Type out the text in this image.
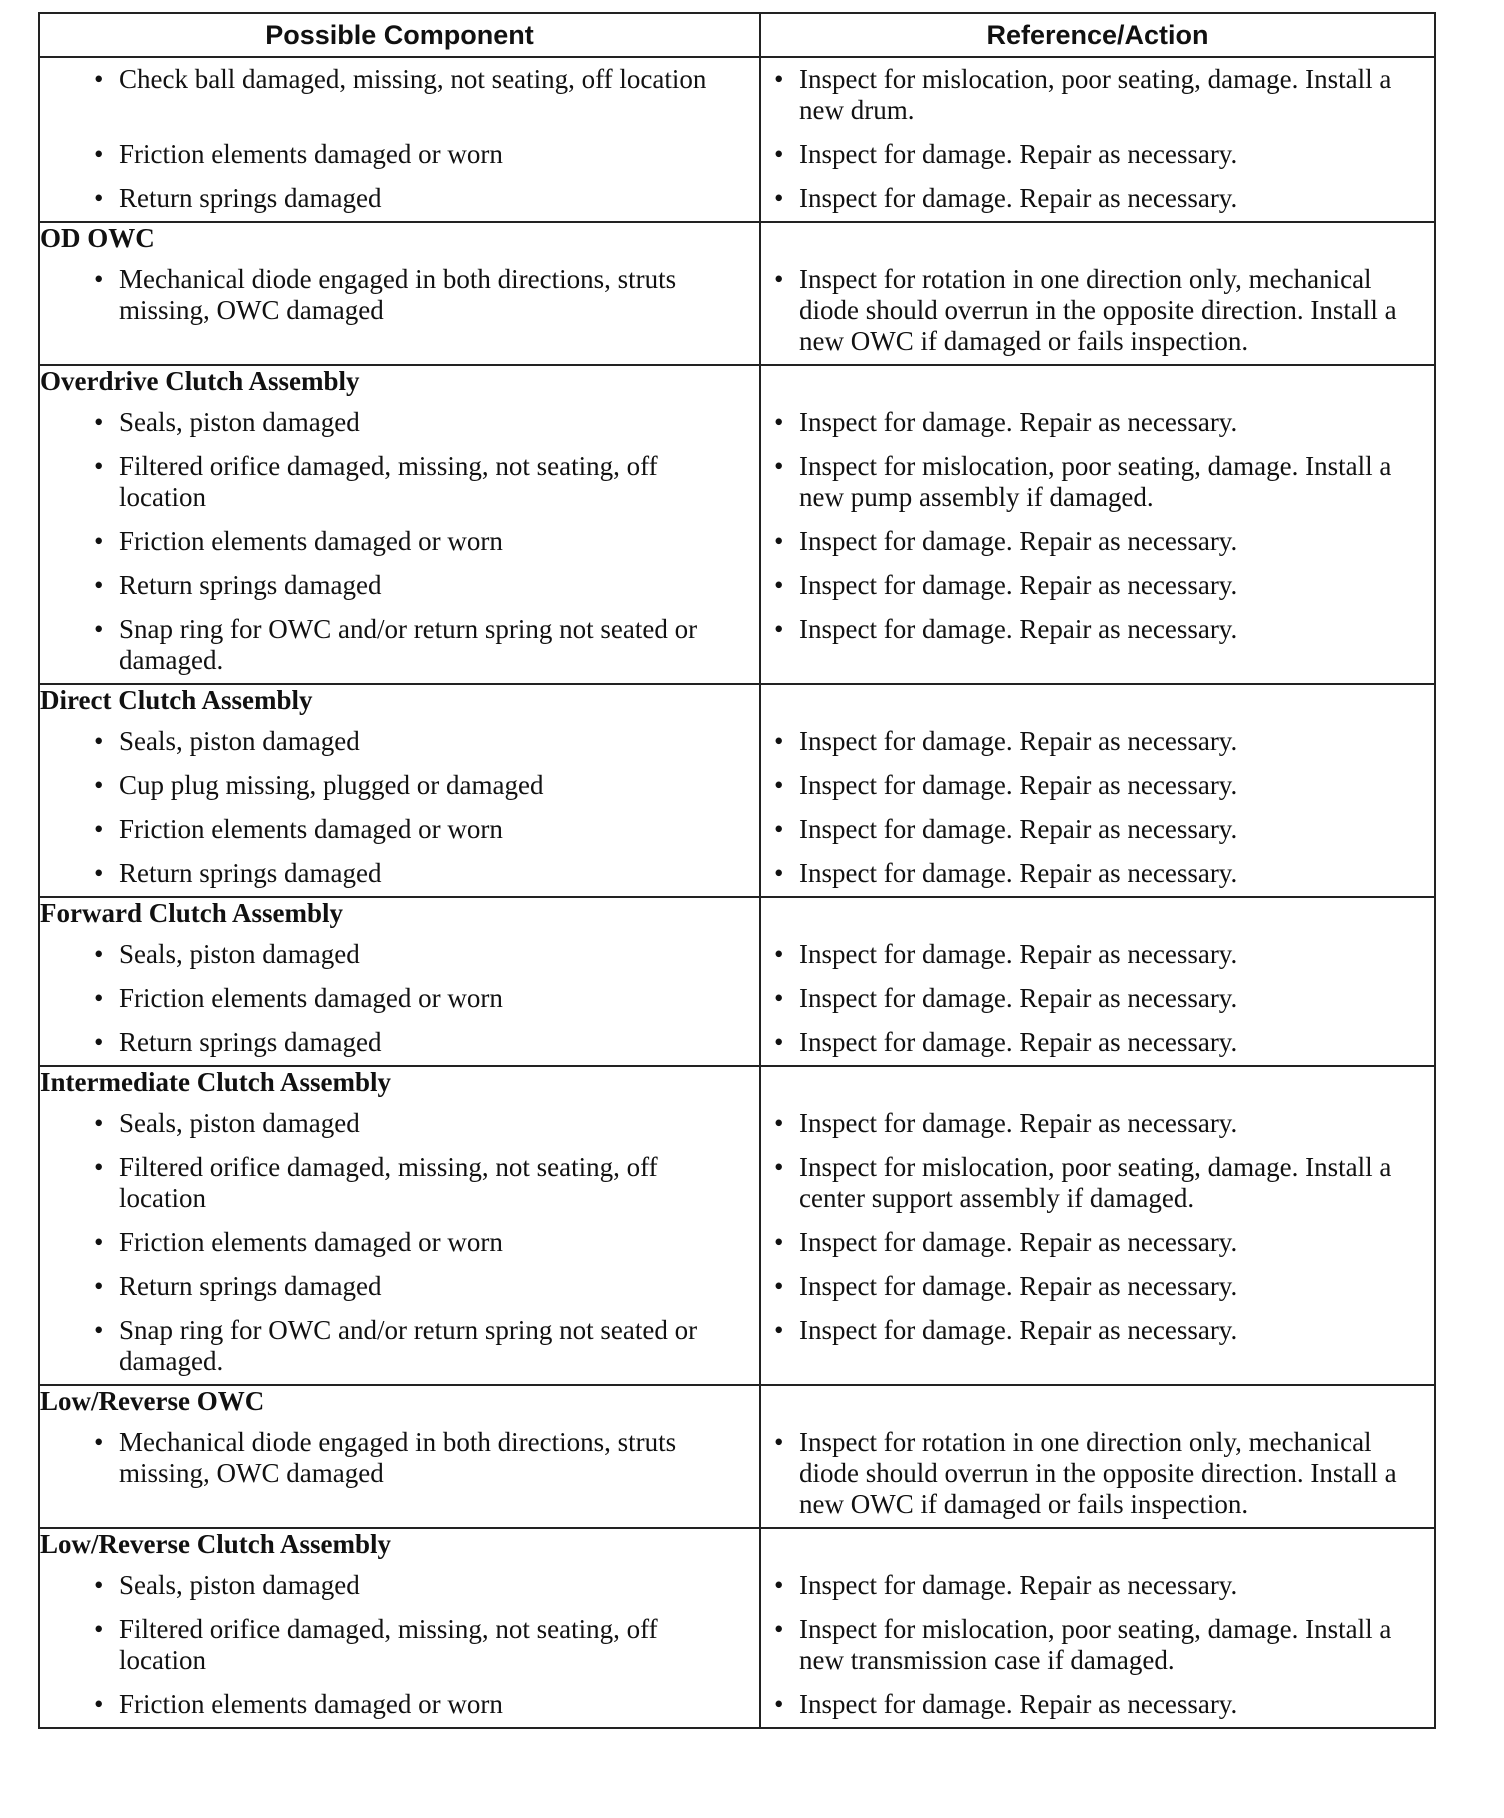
Possible Component	Reference/Action

• Check ball damaged, missing, not seating, off location	• Inspect for mislocation, poor seating, damage. Install a new drum.

• Friction elements damaged or worn	• Inspect for damage. Repair as necessary.

• Return springs damaged	• Inspect for damage. Repair as necessary.

OD OWC	

• Mechanical diode engaged in both directions, struts missing, OWC damaged	• Inspect for rotation in one direction only, mechanical diode should overrun in the opposite direction. Install a new OWC if damaged or fails inspection.

Overdrive Clutch Assembly	

• Seals, piston damaged	• Inspect for damage. Repair as necessary.

• Filtered orifice damaged, missing, not seating, off location	• Inspect for mislocation, poor seating, damage. Install a new pump assembly if damaged.

• Friction elements damaged or worn	• Inspect for damage. Repair as necessary.

• Return springs damaged	• Inspect for damage. Repair as necessary.

• Snap ring for OWC and/or return spring not seated or damaged.	• Inspect for damage. Repair as necessary.

Direct Clutch Assembly	

• Seals, piston damaged	• Inspect for damage. Repair as necessary.

• Cup plug missing, plugged or damaged	• Inspect for damage. Repair as necessary.

• Friction elements damaged or worn	• Inspect for damage. Repair as necessary.

• Return springs damaged	• Inspect for damage. Repair as necessary.

Forward Clutch Assembly	

• Seals, piston damaged	• Inspect for damage. Repair as necessary.

• Friction elements damaged or worn	• Inspect for damage. Repair as necessary.

• Return springs damaged	• Inspect for damage. Repair as necessary.

Intermediate Clutch Assembly	

• Seals, piston damaged	• Inspect for damage. Repair as necessary.

• Filtered orifice damaged, missing, not seating, off location	• Inspect for mislocation, poor seating, damage. Install a center support assembly if damaged.

• Friction elements damaged or worn	• Inspect for damage. Repair as necessary.

• Return springs damaged	• Inspect for damage. Repair as necessary.

• Snap ring for OWC and/or return spring not seated or damaged.	• Inspect for damage. Repair as necessary.

Low/Reverse OWC	

• Mechanical diode engaged in both directions, struts missing, OWC damaged	• Inspect for rotation in one direction only, mechanical diode should overrun in the opposite direction. Install a new OWC if damaged or fails inspection.

Low/Reverse Clutch Assembly	

• Seals, piston damaged	• Inspect for damage. Repair as necessary.

• Filtered orifice damaged, missing, not seating, off location	• Inspect for mislocation, poor seating, damage. Install a new transmission case if damaged.

• Friction elements damaged or worn	• Inspect for damage. Repair as necessary.
